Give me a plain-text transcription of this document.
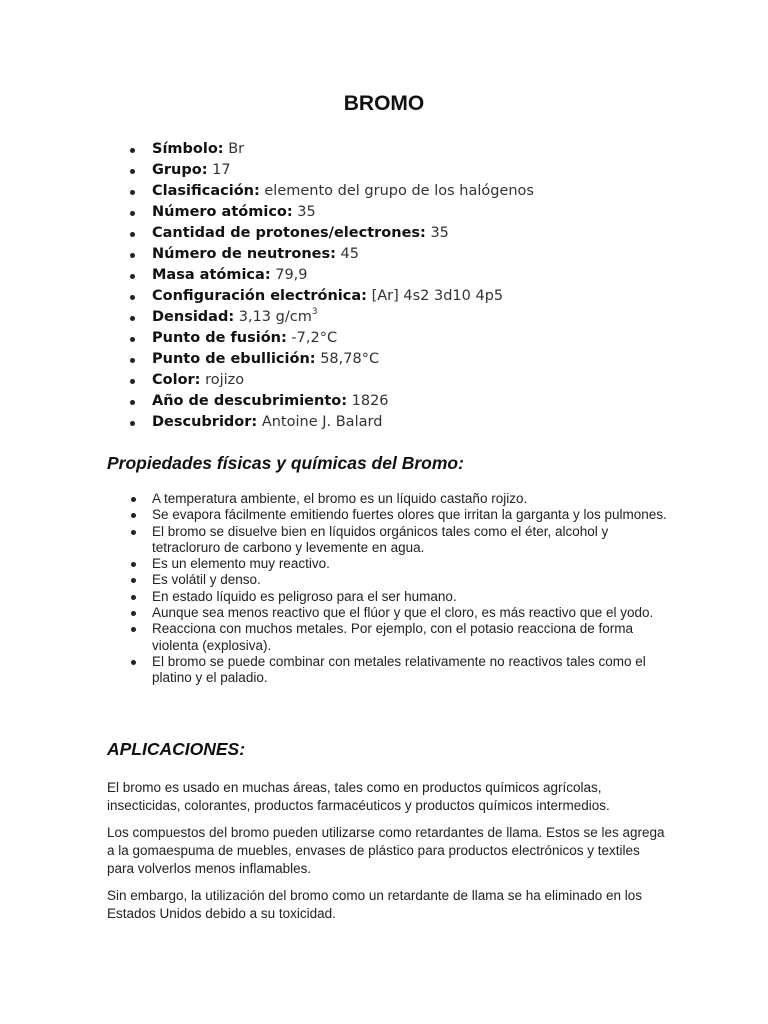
BROMO
Símbolo: Br
Grupo: 17
Clasificación: elemento del grupo de los halógenos
Número atómico: 35
Cantidad de protones/electrones: 35
Número de neutrones: 45
Masa atómica: 79,9
Configuración electrónica: [Ar] 4s2 3d10 4p5
Densidad: 3,13 $g/cm^3$
Punto de fusión: -7,2°C
Punto de ebullición: 58,78°C
Color: rojizo
Año de descubrimiento: 1826
Descubridor: Antoine J. Balard
Propiedades físicas y químicas del Bromo:
A temperatura ambiente, el bromo es un líquido castaño rojizo.
Se evapora fácilmente emitiendo fuertes olores que irritan la garganta y los pulmones.
El bromo se disuelve bien en líquidos orgánicos tales como el éter, alcohol y tetracloruro de carbono y levemente en agua.
Es un elemento muy reactivo.
Es volátil y denso.
En estado líquido es peligroso para el ser humano.
Aunque sea menos reactivo que el flúor y que el cloro, es más reactivo que el yodo.
Reacciona con muchos metales. Por ejemplo, con el potasio reacciona de forma violenta (explosiva).
El bromo se puede combinar con metales relativamente no reactivos tales como el platino y el paladio.
APLICACIONES:

El bromo es usado en muchas áreas, tales como en productos químicos agrícolas, insecticidas, colorantes, productos farmacéuticos y productos químicos intermedios.

Los compuestos del bromo pueden utilizarse como retardantes de llama. Estos se les agrega a la gomaespuma de muebles, envases de plástico para productos electrónicos y textiles para volverlos menos inflamables.

Sin embargo, la utilización del bromo como un retardante de llama se ha eliminado en los Estados Unidos debido a su toxicidad.
